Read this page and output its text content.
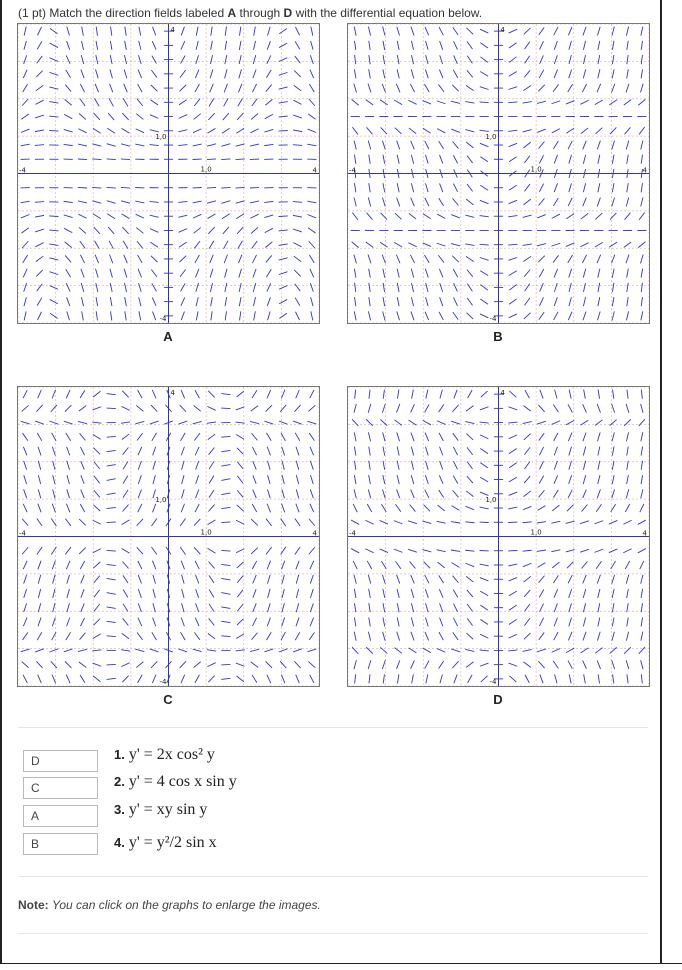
(1 pt) Match the direction fields labeled A through D with the differential equation below.
-4	4
4
-4
1,0
1,0
A
-4	4
4
-4
1,0
1,0
B
-4	4
4
-4
1,0
1,0
C
-4	4
4
-4
1,0
1,0
D
D
C
A
B
1. y' = 2x cos² y
2. y' = 4 cos x sin y
3. y' = xy sin y
4. y' = y²/2 sin x
Note: You can click on the graphs to enlarge the images.
